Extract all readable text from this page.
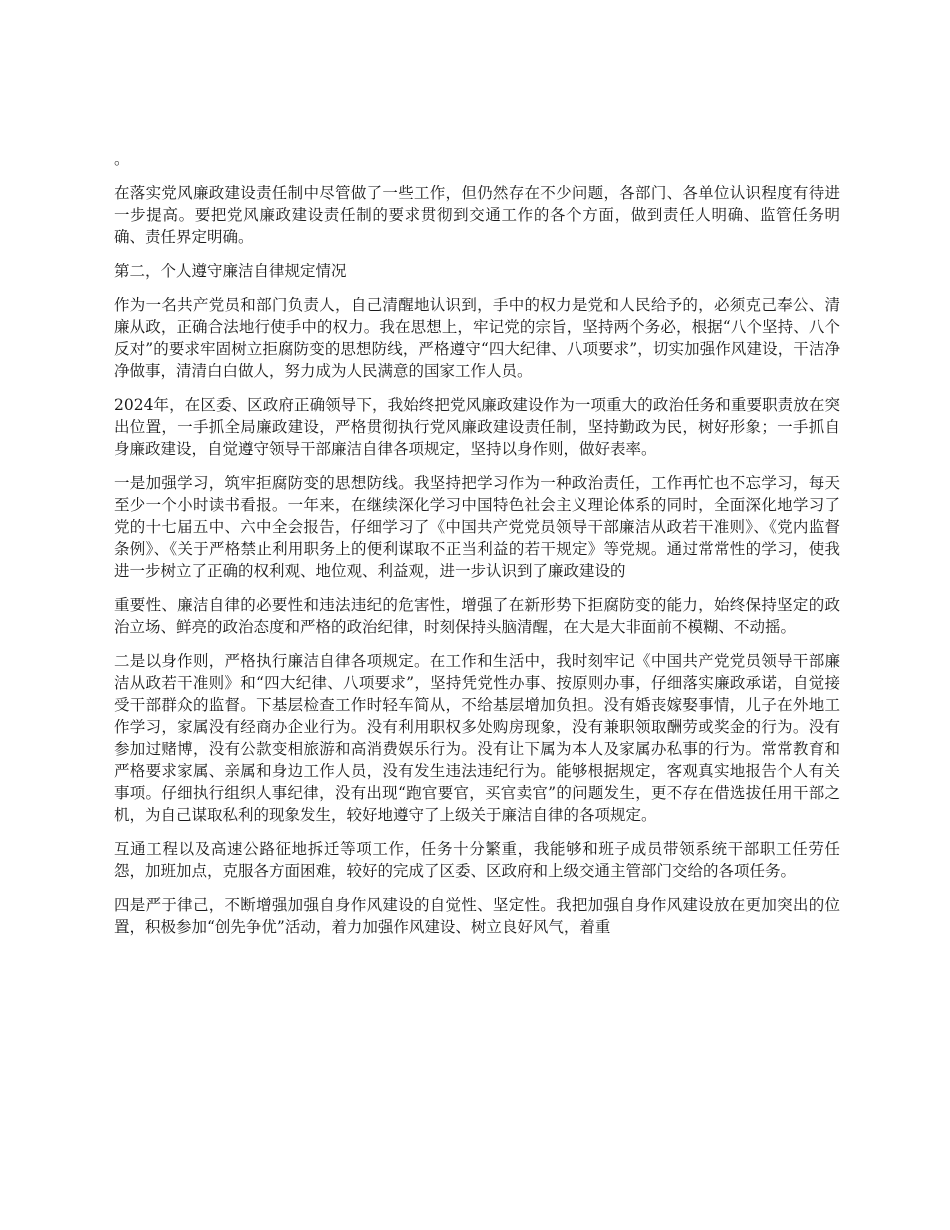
。

在落实党风廉政建设责任制中尽管做了一些工作，但仍然存在不少问题，各部门、各单位认识程度有待进一步提高。要把党风廉政建设责任制的要求贯彻到交通工作的各个方面，做到责任人明确、监管任务明确、责任界定明确。

第二，个人遵守廉洁自律规定情况

作为一名共产党员和部门负责人，自己清醒地认识到，手中的权力是党和人民给予的，必须克己奉公、清廉从政，正确合法地行使手中的权力。我在思想上，牢记党的宗旨，坚持两个务必，根据“八个坚持、八个反对”的要求牢固树立拒腐防变的思想防线，严格遵守“四大纪律、八项要求”，切实加强作风建设，干洁净净做事，清清白白做人，努力成为人民满意的国家工作人员。

2024年，在区委、区政府正确领导下，我始终把党风廉政建设作为一项重大的政治任务和重要职责放在突出位置，一手抓全局廉政建设，严格贯彻执行党风廉政建设责任制，坚持勤政为民，树好形象；一手抓自身廉政建设，自觉遵守领导干部廉洁自律各项规定，坚持以身作则，做好表率。

一是加强学习，筑牢拒腐防变的思想防线。我坚持把学习作为一种政治责任，工作再忙也不忘学习，每天至少一个小时读书看报。一年来，在继续深化学习中国特色社会主义理论体系的同时，全面深化地学习了党的十七届五中、六中全会报告，仔细学习了《中国共产党党员领导干部廉洁从政若干准则》、《党内监督条例》、《关于严格禁止利用职务上的便利谋取不正当利益的若干规定》等党规。通过常常性的学习，使我进一步树立了正确的权利观、地位观、利益观，进一步认识到了廉政建设的

重要性、廉洁自律的必要性和违法违纪的危害性，增强了在新形势下拒腐防变的能力，始终保持坚定的政治立场、鲜亮的政治态度和严格的政治纪律，时刻保持头脑清醒，在大是大非面前不模糊、不动摇。

二是以身作则，严格执行廉洁自律各项规定。在工作和生活中，我时刻牢记《中国共产党党员领导干部廉洁从政若干准则》和“四大纪律、八项要求”，坚持凭党性办事、按原则办事，仔细落实廉政承诺，自觉接受干部群众的监督。下基层检查工作时轻车简从，不给基层增加负担。没有婚丧嫁娶事情，儿子在外地工作学习，家属没有经商办企业行为。没有利用职权多处购房现象，没有兼职领取酬劳或奖金的行为。没有参加过赌博，没有公款变相旅游和高消费娱乐行为。没有让下属为本人及家属办私事的行为。常常教育和严格要求家属、亲属和身边工作人员，没有发生违法违纪行为。能够根据规定，客观真实地报告个人有关事项。仔细执行组织人事纪律，没有出现“跑官要官，买官卖官”的问题发生，更不存在借选拔任用干部之机，为自己谋取私利的现象发生，较好地遵守了上级关于廉洁自律的各项规定。

互通工程以及高速公路征地拆迁等项工作，任务十分繁重，我能够和班子成员带领系统干部职工任劳任怨，加班加点，克服各方面困难，较好的完成了区委、区政府和上级交通主管部门交给的各项任务。

四是严于律己，不断增强加强自身作风建设的自觉性、坚定性。我把加强自身作风建设放在更加突出的位置，积极参加“创先争优”活动，着力加强作风建设、树立良好风气，着重
